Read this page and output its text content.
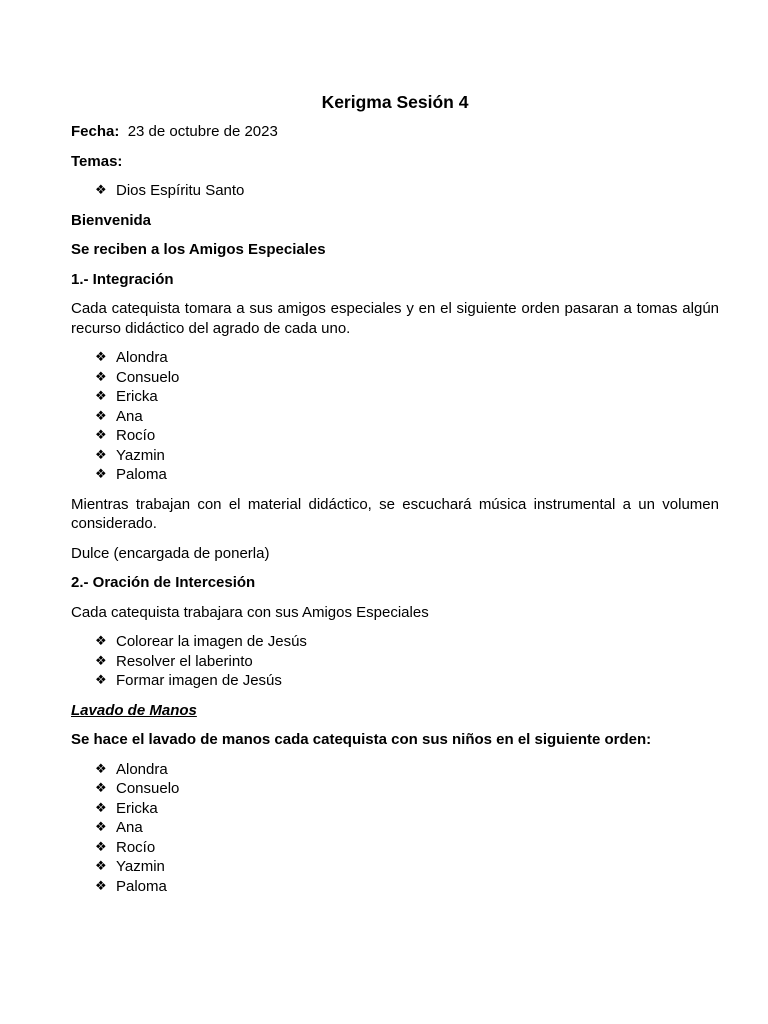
Kerigma Sesión 4

Fecha: 23 de octubre de 2023

Temas:

❖ Dios Espíritu Santo

Bienvenida

Se reciben a los Amigos Especiales

1.- Integración

Cada catequista tomara a sus amigos especiales y en el siguiente orden pasaran a tomas algún recurso didáctico del agrado de cada uno.

❖ Alondra
❖ Consuelo
❖ Ericka
❖ Ana
❖ Rocío
❖ Yazmin
❖ Paloma

Mientras trabajan con el material didáctico, se escuchará música instrumental a un volumen considerado.

Dulce (encargada de ponerla)

2.- Oración de Intercesión

Cada catequista trabajara con sus Amigos Especiales

❖ Colorear la imagen de Jesús
❖ Resolver el laberinto
❖ Formar imagen de Jesús

Lavado de Manos

Se hace el lavado de manos cada catequista con sus niños en el siguiente orden:

❖ Alondra
❖ Consuelo
❖ Ericka
❖ Ana
❖ Rocío
❖ Yazmin
❖ Paloma
